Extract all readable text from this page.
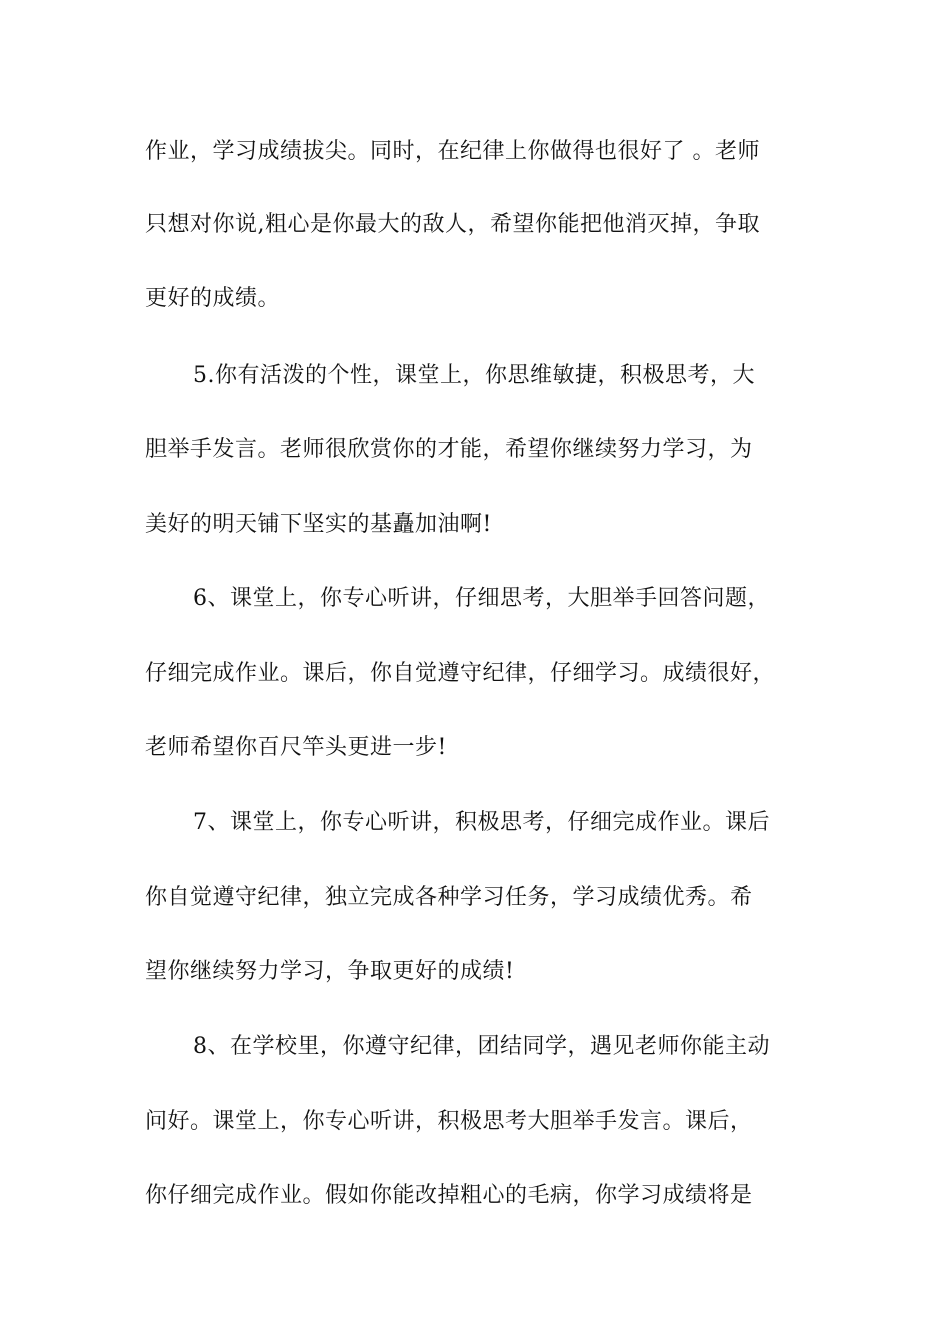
作业，学习成绩拔尖。同时，在纪律上你做得也很好了 。老师
只想对你说,粗心是你最大的敌人，希望你能把他消灭掉，争取
更好的成绩。
5.你有活泼的个性，课堂上，你思维敏捷，积极思考，大
胆举手发言。老师很欣赏你的才能，希望你继续努力学习，为
美好的明天铺下坚实的基矗加油啊!
6、课堂上，你专心听讲，仔细思考，大胆举手回答问题，
仔细完成作业。课后，你自觉遵守纪律，仔细学习。成绩很好，
老师希望你百尺竿头更进一步!
7、课堂上，你专心听讲，积极思考，仔细完成作业。课后
你自觉遵守纪律，独立完成各种学习任务，学习成绩优秀。希
望你继续努力学习，争取更好的成绩!
8、在学校里，你遵守纪律，团结同学，遇见老师你能主动
问好。课堂上，你专心听讲，积极思考大胆举手发言。课后，
你仔细完成作业。假如你能改掉粗心的毛病，你学习成绩将是
